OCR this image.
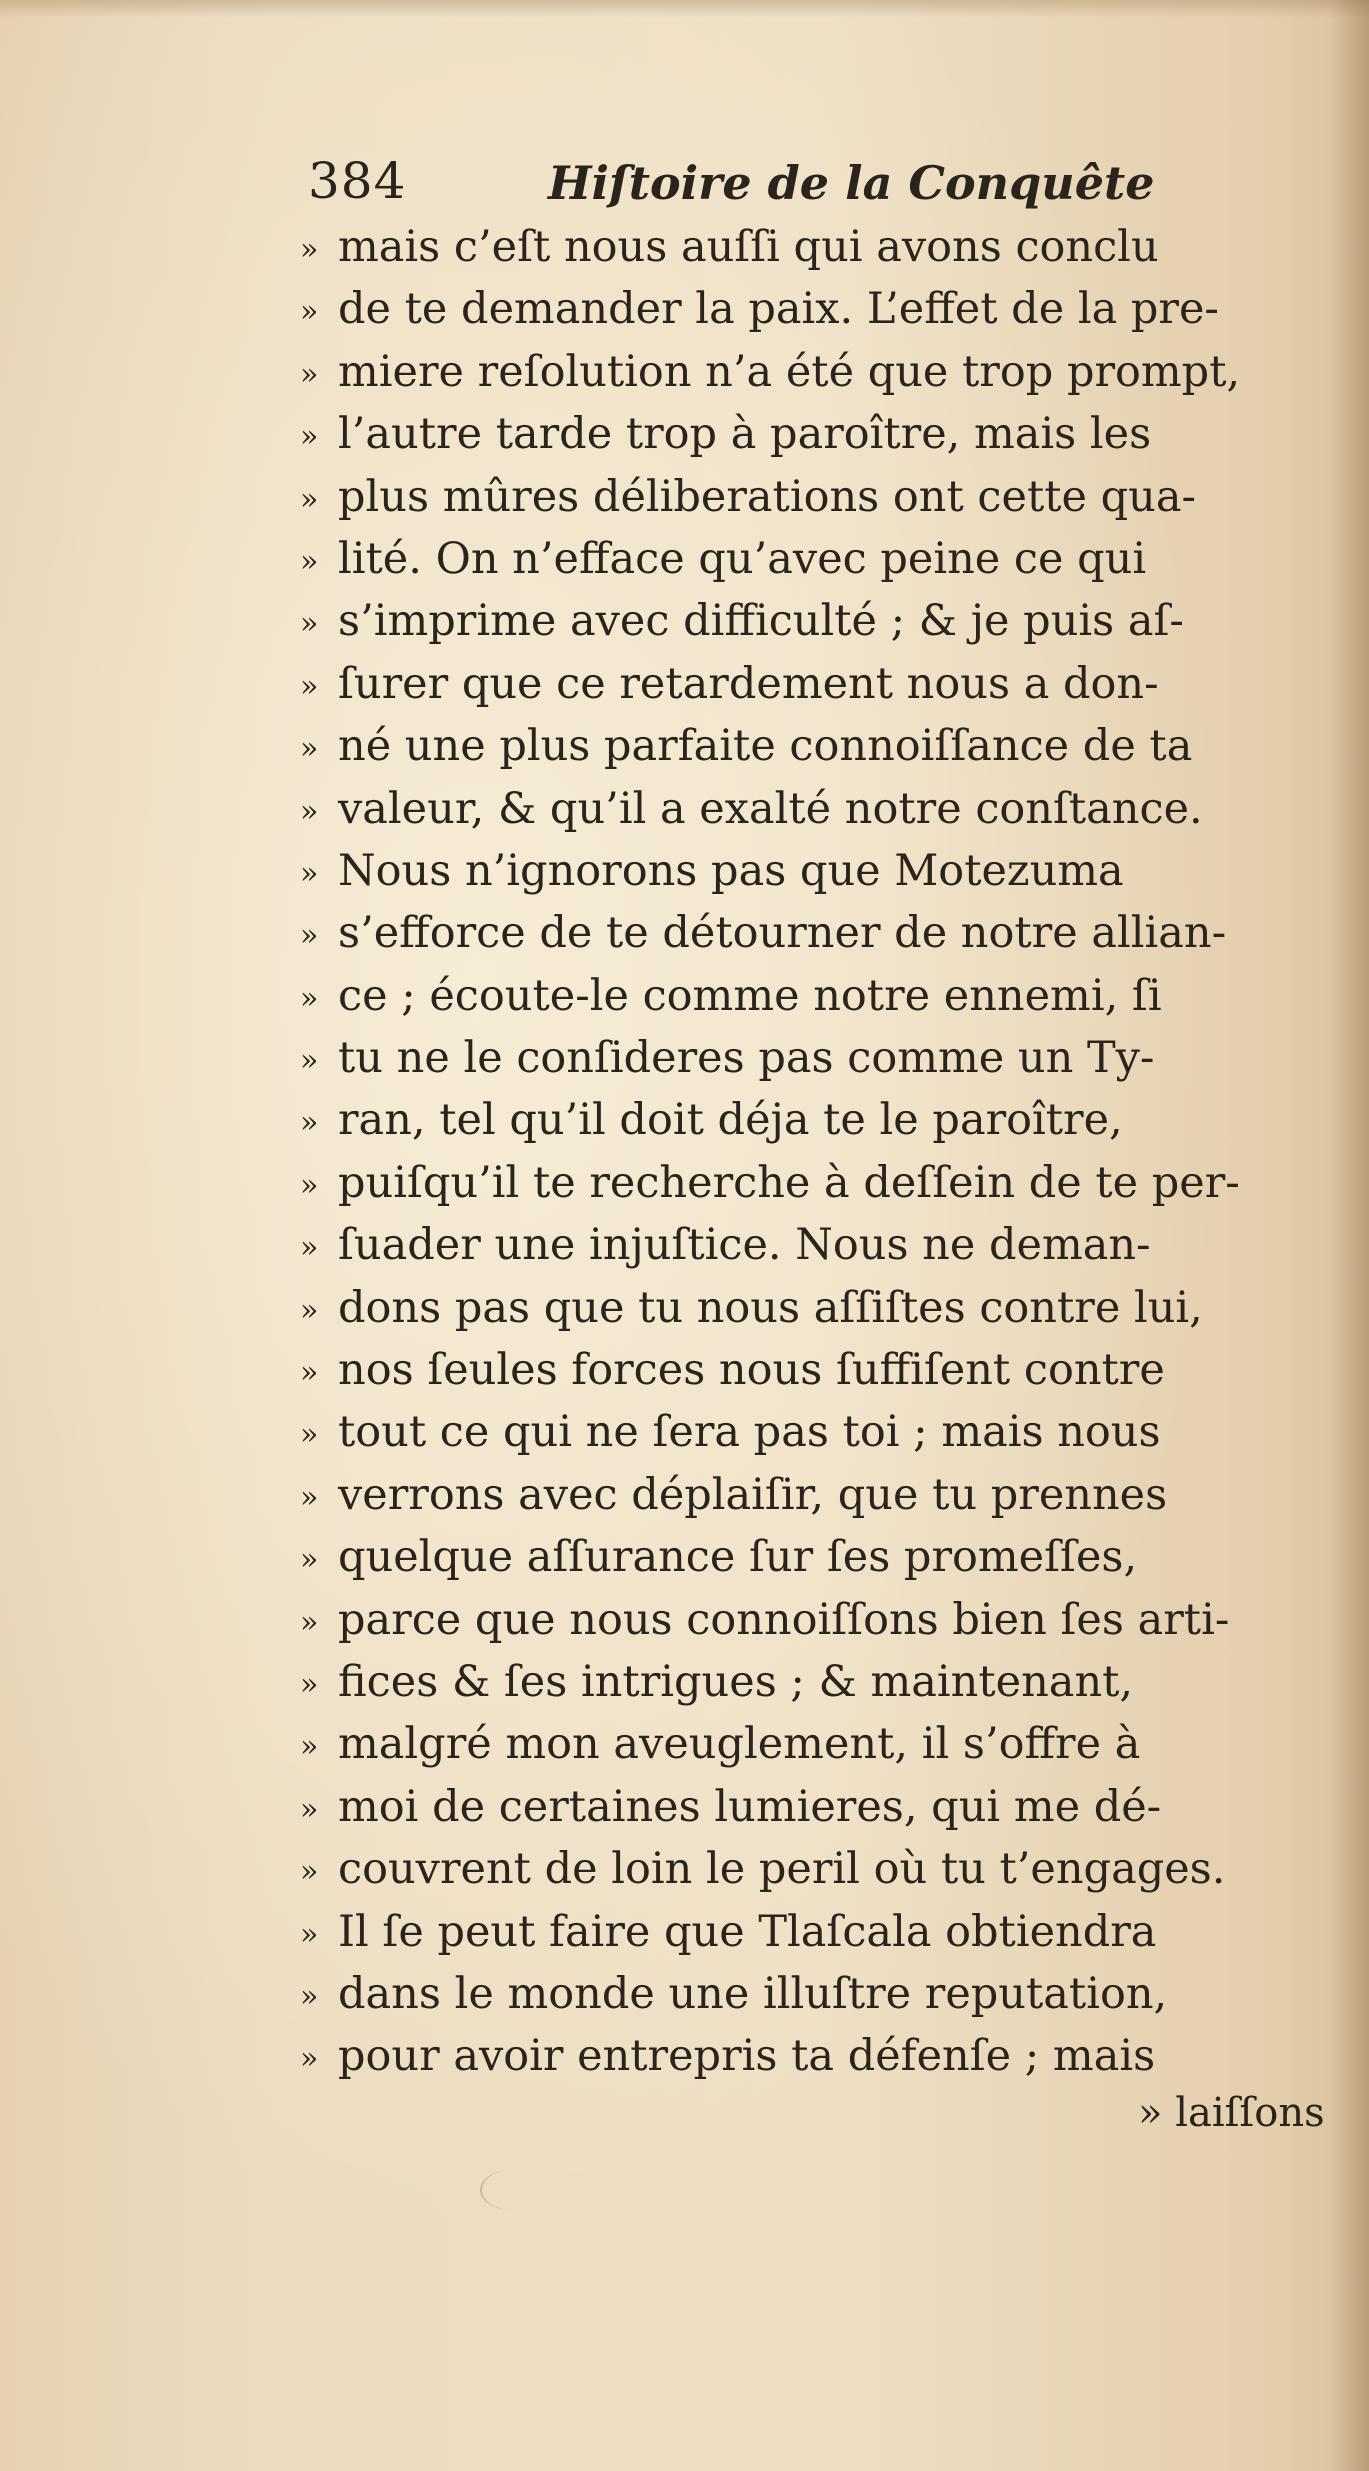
384	Hiſtoire de la Conquête
» mais c’eſt nous auſſi qui avons conclu
» de te demander la paix. L’effet de la pre-
» miere reſolution n’a été que trop prompt,
» l’autre tarde trop à paroître, mais les
» plus mûres déliberations ont cette qua-
» lité. On n’efface qu’avec peine ce qui
» s’imprime avec difficulté ; & je puis aſ-
» ſurer que ce retardement nous a don-
» né une plus parfaite connoiſſance de ta
» valeur, & qu’il a exalté notre conſtance.
» Nous n’ignorons pas que Motezuma
» s’efforce de te détourner de notre allian-
» ce ; écoute-le comme notre ennemi, ſi
» tu ne le conſideres pas comme un Ty-
» ran, tel qu’il doit déja te le paroître,
» puiſqu’il te recherche à deſſein de te per-
» ſuader une injuſtice. Nous ne deman-
» dons pas que tu nous aſſiſtes contre lui,
» nos ſeules forces nous ſuffiſent contre
» tout ce qui ne ſera pas toi ; mais nous
» verrons avec déplaiſir, que tu prennes
» quelque aſſurance ſur ſes promeſſes,
» parce que nous connoiſſons bien ſes arti-
» fices & ſes intrigues ; & maintenant,
» malgré mon aveuglement, il s’offre à
» moi de certaines lumieres, qui me dé-
» couvrent de loin le peril où tu t’engages.
» Il ſe peut faire que Tlaſcala obtiendra
» dans le monde une illuſtre reputation,
» pour avoir entrepris ta défenſe ; mais
» laiſſons
